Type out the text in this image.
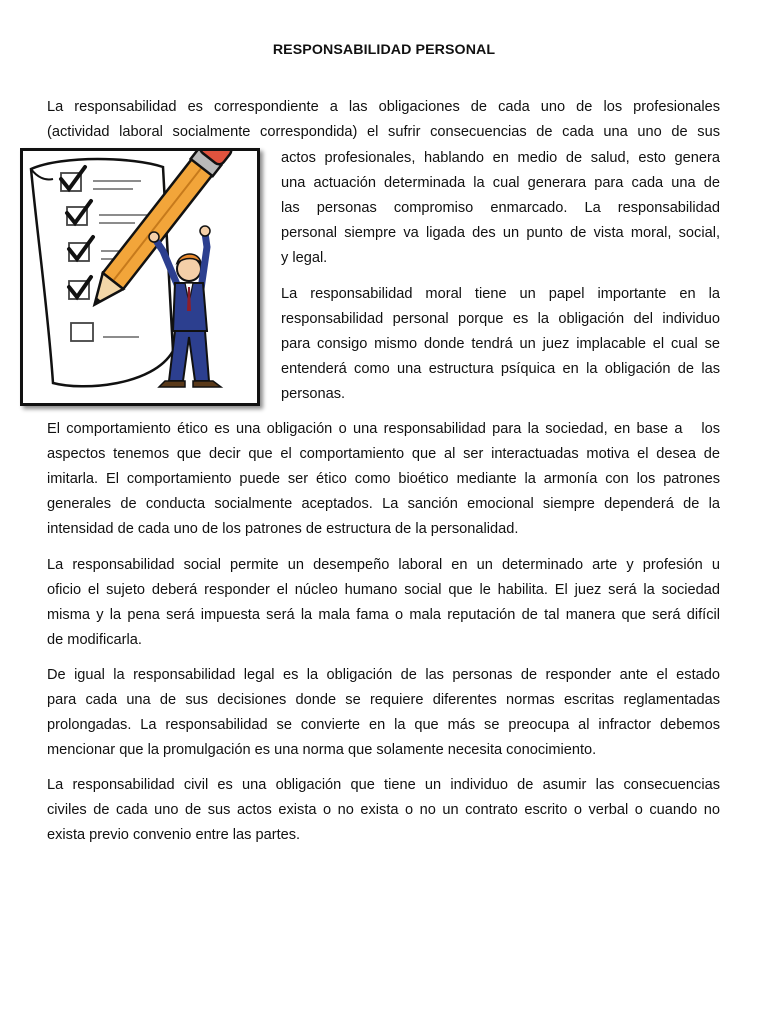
RESPONSABILIDAD PERSONAL
La responsabilidad es correspondiente a las obligaciones de cada uno de los profesionales
(actividad laboral socialmente correspondida) el sufrir consecuencias de cada una uno de sus
actos profesionales, hablando en medio de salud, esto genera
una actuación determinada la cual generara para cada una de
las personas compromiso enmarcado. La responsabilidad
personal siempre va ligada des un punto de vista moral, social,
y legal.
La responsabilidad moral tiene un papel importante en la
responsabilidad personal porque es la obligación del individuo
para consigo mismo donde tendrá un juez implacable el cual se
entenderá como una estructura psíquica en la obligación de las
personas.
El comportamiento ético es una obligación o una responsabilidad para la sociedad, en base a   los
aspectos tenemos que decir que el comportamiento que al ser interactuadas motiva el desea de
imitarla. El comportamiento puede ser ético como bioético mediante la armonía con los patrones
generales de conducta socialmente aceptados. La sanción emocional siempre dependerá de la
intensidad de cada uno de los patrones de estructura de la personalidad.
La responsabilidad social permite un desempeño laboral en un determinado arte y profesión u
oficio el sujeto deberá responder el núcleo humano social que le habilita. El juez será la sociedad
misma y la pena será impuesta será la mala fama o mala reputación de tal manera que será difícil
de modificarla.
De igual la responsabilidad legal es la obligación de las personas de responder ante el estado
para cada una de sus decisiones donde se requiere diferentes normas escritas reglamentadas
prolongadas. La responsabilidad se convierte en la que más se preocupa al infractor debemos
mencionar que la promulgación es una norma que solamente necesita conocimiento.
La responsabilidad civil es una obligación que tiene un individuo de asumir las consecuencias
civiles de cada uno de sus actos exista o no exista o no un contrato escrito o verbal o cuando no
exista previo convenio entre las partes.
